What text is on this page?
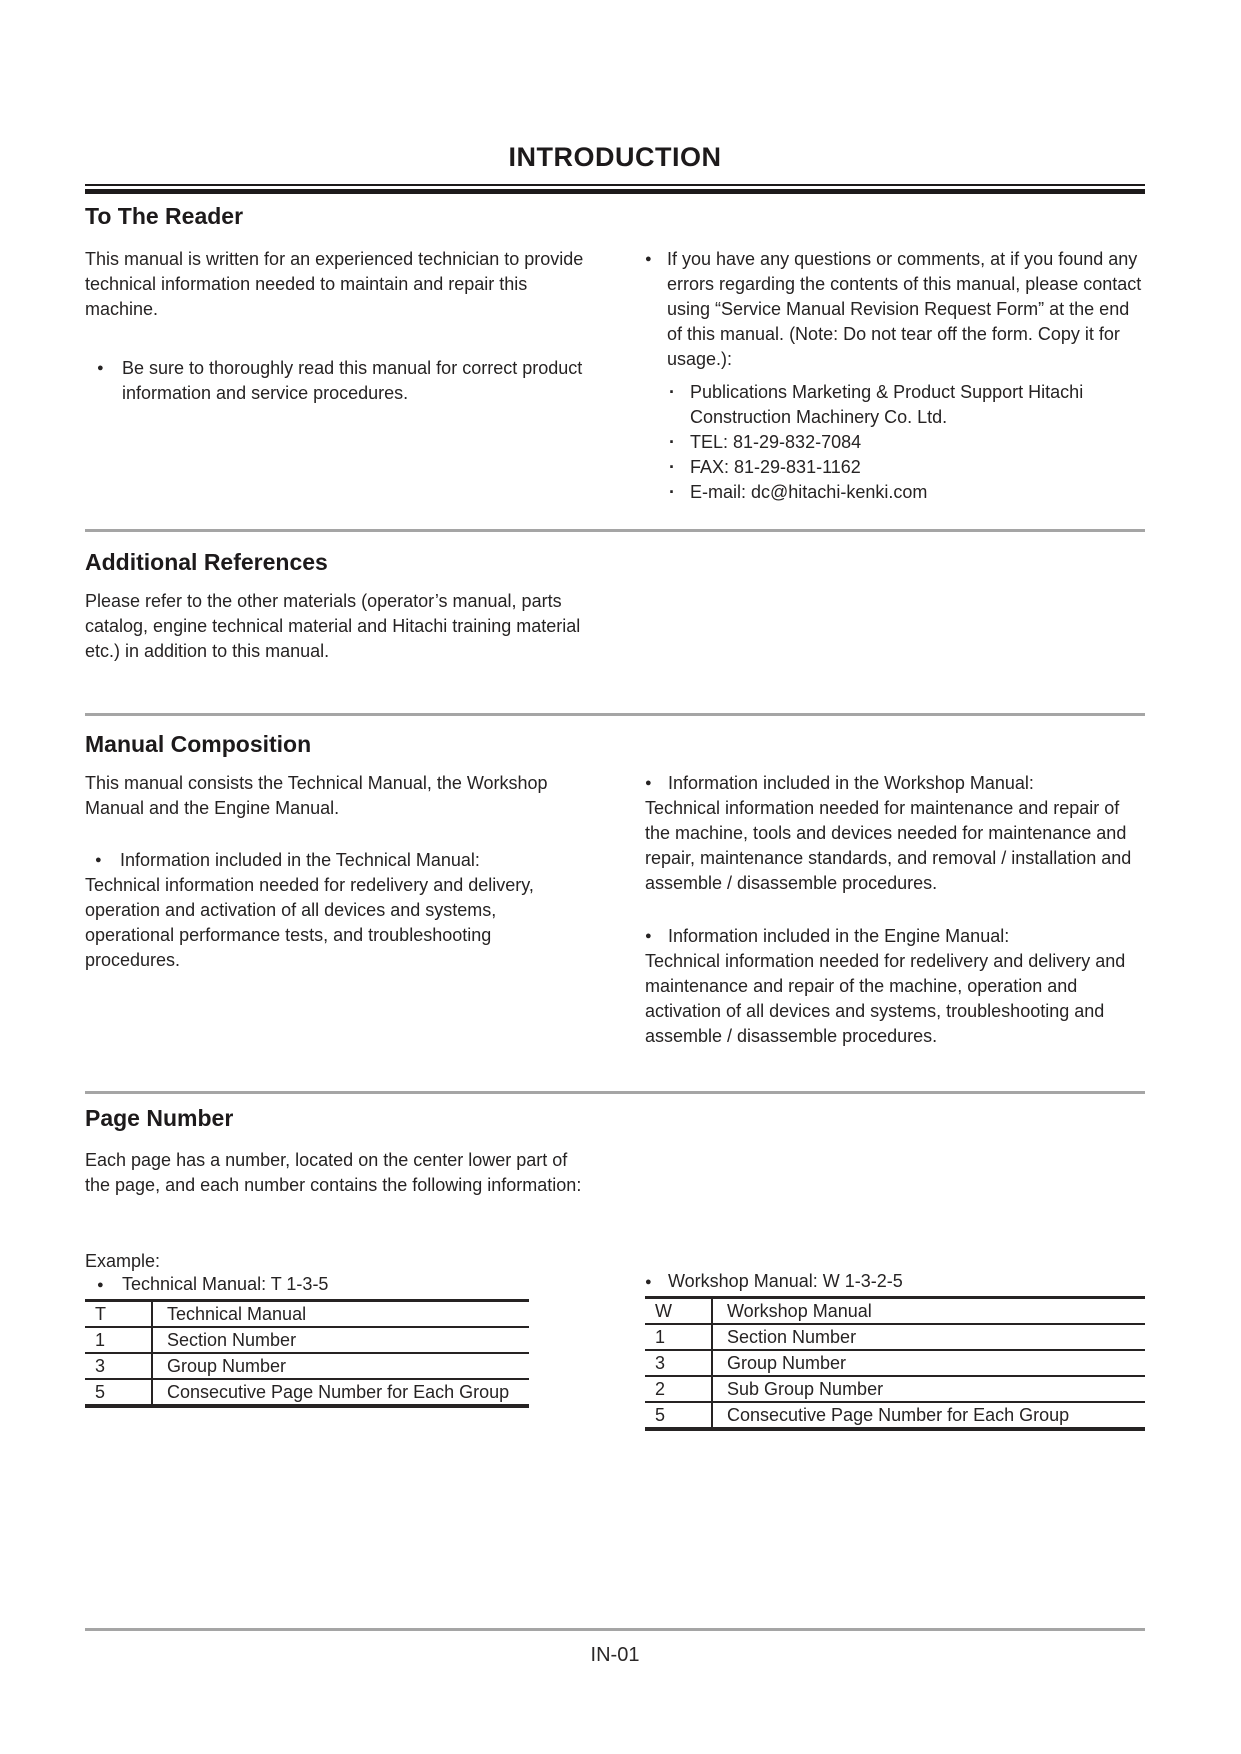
INTRODUCTION
To The Reader

This manual is written for an experienced technician to provide technical information needed to maintain and repair this machine.

● Be sure to thoroughly read this manual for correct product information and service procedures.
● If you have any questions or comments, at if you found any errors regarding the contents of this manual, please contact using “Service Manual Revision Request Form” at the end of this manual. (Note: Do not tear off the form. Copy it for usage.):
· Publications Marketing & Product Support Hitachi Construction Machinery Co. Ltd.
· TEL: 81-29-832-7084
· FAX: 81-29-831-1162
· E-mail: dc@hitachi-kenki.com
Additional References

Please refer to the other materials (operator’s manual, parts catalog, engine technical material and Hitachi training material etc.) in addition to this manual.

Manual Composition

This manual consists the Technical Manual, the Workshop Manual and the Engine Manual.

● Information included in the Technical Manual:

Technical information needed for redelivery and delivery, operation and activation of all devices and systems, operational performance tests, and troubleshooting procedures.

● Information included in the Workshop Manual:

Technical information needed for maintenance and repair of the machine, tools and devices needed for maintenance and repair, maintenance standards, and removal / installation and assemble / disassemble procedures.

● Information included in the Engine Manual:

Technical information needed for redelivery and delivery and maintenance and repair of the machine, operation and activation of all devices and systems, troubleshooting and assemble / disassemble procedures.

Page Number

Each page has a number, located on the center lower part of the page, and each number contains the following information:

Example:
● Technical Manual: T 1-3-5
T	Technical Manual
1	Section Number
3	Group Number
5	Consecutive Page Number for Each Group
● Workshop Manual: W 1-3-2-5
W	Workshop Manual
1	Section Number
3	Group Number
2	Sub Group Number
5	Consecutive Page Number for Each Group
IN-01
